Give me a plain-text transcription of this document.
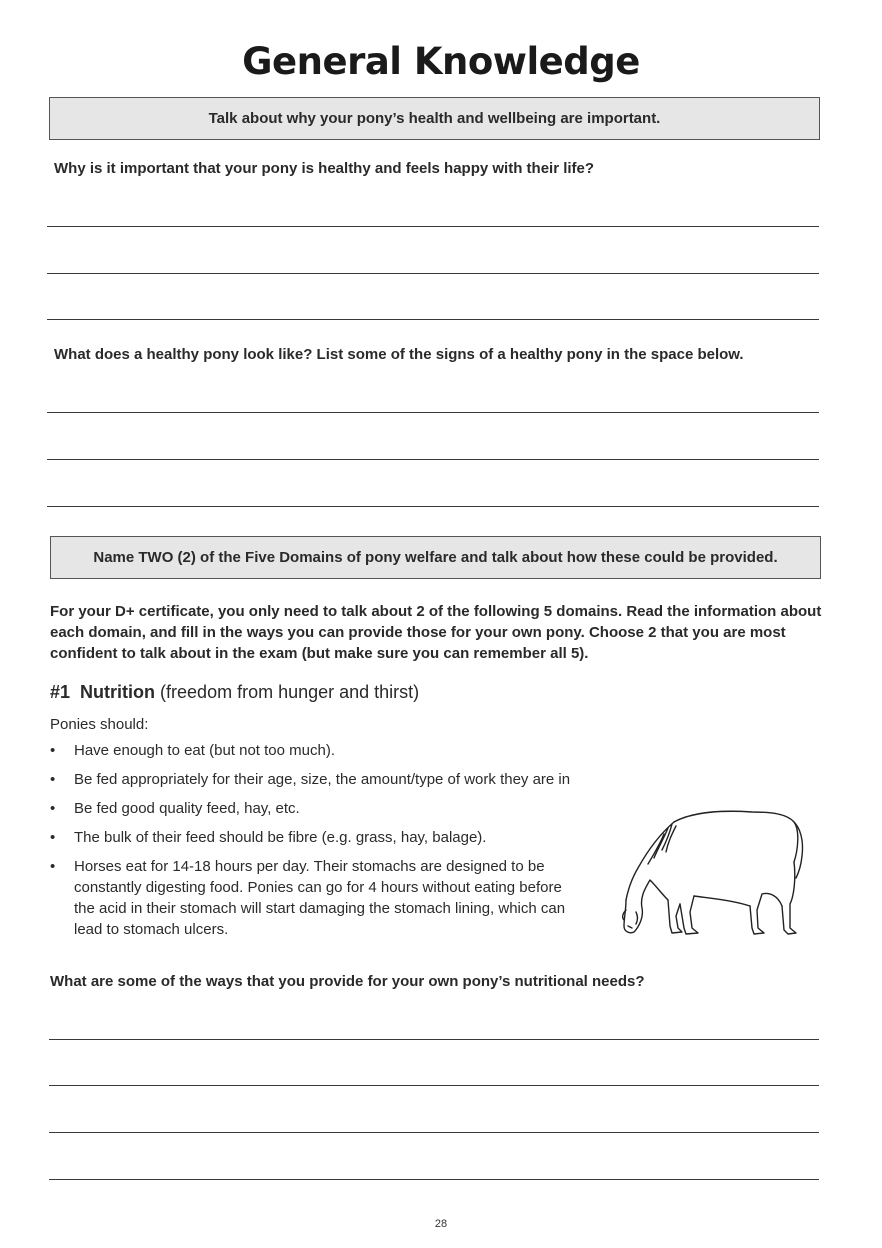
General Knowledge
Talk about why your pony’s health and wellbeing are important.
Why is it important that your pony is healthy and feels happy with their life?
What does a healthy pony look like? List some of the signs of a healthy pony in the space below.
Name TWO (2) of the Five Domains of pony welfare and talk about how these could be provided.
For your D+ certificate, you only need to talk about 2 of the following 5 domains. Read the information about each domain, and fill in the ways you can provide those for your own pony. Choose 2 that you are most confident to talk about in the exam (but make sure you can remember all 5).
#1 Nutrition (freedom from hunger and thirst)
Ponies should:
• Have enough to eat (but not too much).
• Be fed appropriately for their age, size, the amount/type of work they are in
• Be fed good quality feed, hay, etc.
• The bulk of their feed should be fibre (e.g. grass, hay, balage).
• Horses eat for 14-18 hours per day. Their stomachs are designed to be constantly digesting food. Ponies can go for 4 hours without eating before the acid in their stomach will start damaging the stomach lining, which can lead to stomach ulcers.
What are some of the ways that you provide for your own pony’s nutritional needs?
28
